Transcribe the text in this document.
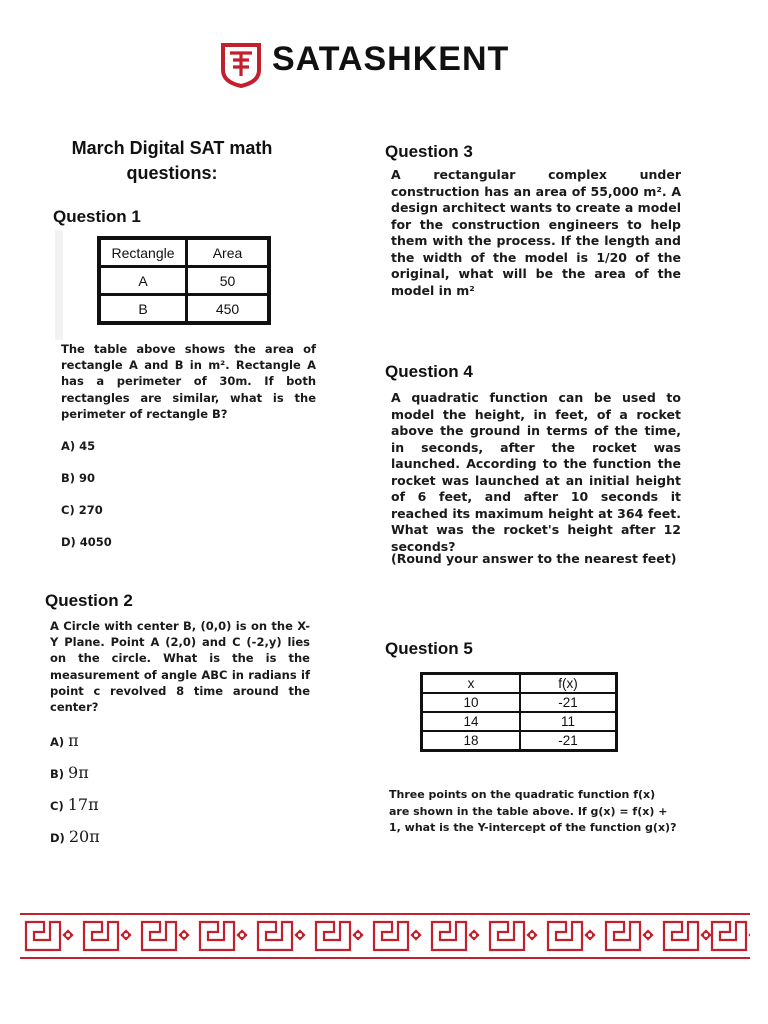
SATASHKENT
March Digital SAT math questions:
Question 1
Rectangle	Area
A	50
B	450
The table above shows the area of rectangle A and B in m². Rectangle A has a perimeter of 30m. If both rectangles are similar, what is the perimeter of rectangle B?
A) 45
B) 90
C) 270
D) 4050
Question 2
A Circle with center B, (0,0) is on the X-Y Plane. Point A (2,0) and C (-2,y) lies on the circle. What is the is the measurement of angle ABC in radians if point c revolved 8 time around the center?
A) π
B) 9π
C) 17π
D) 20π
Question 3
A rectangular complex under construction has an area of 55,000 m². A design architect wants to create a model for the construction engineers to help them with the process. If the length and the width of the model is 1/20 of the original, what will be the area of the model in m²
Question 4
A quadratic function can be used to model the height, in feet, of a rocket above the ground in terms of the time, in seconds, after the rocket was launched. According to the function the rocket was launched at an initial height of 6 feet, and after 10 seconds it reached its maximum height at 364 feet. What was the rocket's height after 12 seconds?
(Round your answer to the nearest feet)
Question 5
x	f(x)
10	-21
14	11
18	-21
Three points on the quadratic function f(x) are shown in the table above. If g(x) = f(x) + 1, what is the Y-intercept of the function g(x)?
